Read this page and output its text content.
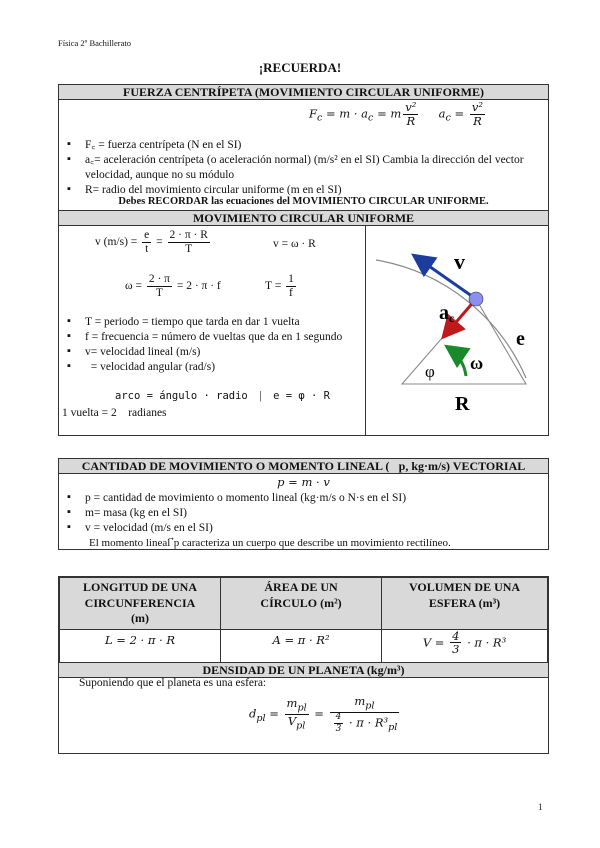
Física 2º Bachillerato
¡RECUERDA!
FUERZA CENTRÍPETA (MOVIMIENTO CIRCULAR UNIFORME)
$F_c = m \cdot a_c = m \frac{\text{v²}}{R} a_c = \frac{\text{v²}}{R}$
▪ F꜀ = fuerza centrípeta (N en el SI)
▪ a꜀= aceleración centrípeta (o aceleración normal) (m/s² en el SI) Cambia la dirección del vector velocidad, aunque no su módulo
▪ R= radio del movimiento circular uniforme (m en el SI)
Debes RECORDAR las ecuaciones del MOVIMIENTO CIRCULAR UNIFORME.
MOVIMIENTO CIRCULAR UNIFORME
v $(m/s) = \frac{e}{t} = \frac{2 \cdot \pi \cdot R}{T}$	v = ω · R
$\omega = \frac{2 \cdot \pi}{T} = 2 \cdot \pi \cdot f$	$T = \frac{1}{f}$
▪ T = periodo = tiempo que tarda en dar 1 vuelta
▪ f = frecuencia = número de vueltas que da en 1 segundo
▪ v= velocidad lineal (m/s)
▪   = velocidad angular (rad/s)
arco = ángulo · radio    |    e = φ · R
1 vuelta = 2    radianes
v
ac
e
ω
φ
R
CANTIDAD DE MOVIMIENTO O MOMENTO LINEAL (⃗p, kg·m/s) VECTORIAL
p = m · v
▪ p = cantidad de movimiento o momento lineal (kg·m/s o N·s en el SI)
▪ m= masa (kg en el SI)
▪ v = velocidad (m/s en el SI)
El momento lineal ⃗p caracteriza un cuerpo que describe un movimiento rectilíneo.
LONGITUD DE UNA CIRCUNFERENCIA (m)	ÁREA DE UN CÍRCULO (m²)	VOLUMEN DE UNA ESFERA (m³)
L = 2 · π · R	A = π · R²	$V = \frac{4}{3} \cdot \pi \cdot R^3$
DENSIDAD DE UN PLANETA (kg/m³)
Suponiendo que el planeta es una esfera:
$d_{pl} = \frac{m_{pl}}{V_{pl}} = \frac{m_{pl}}{\frac{4}{3} \cdot \pi \cdot R^3_{pl}}$
1
